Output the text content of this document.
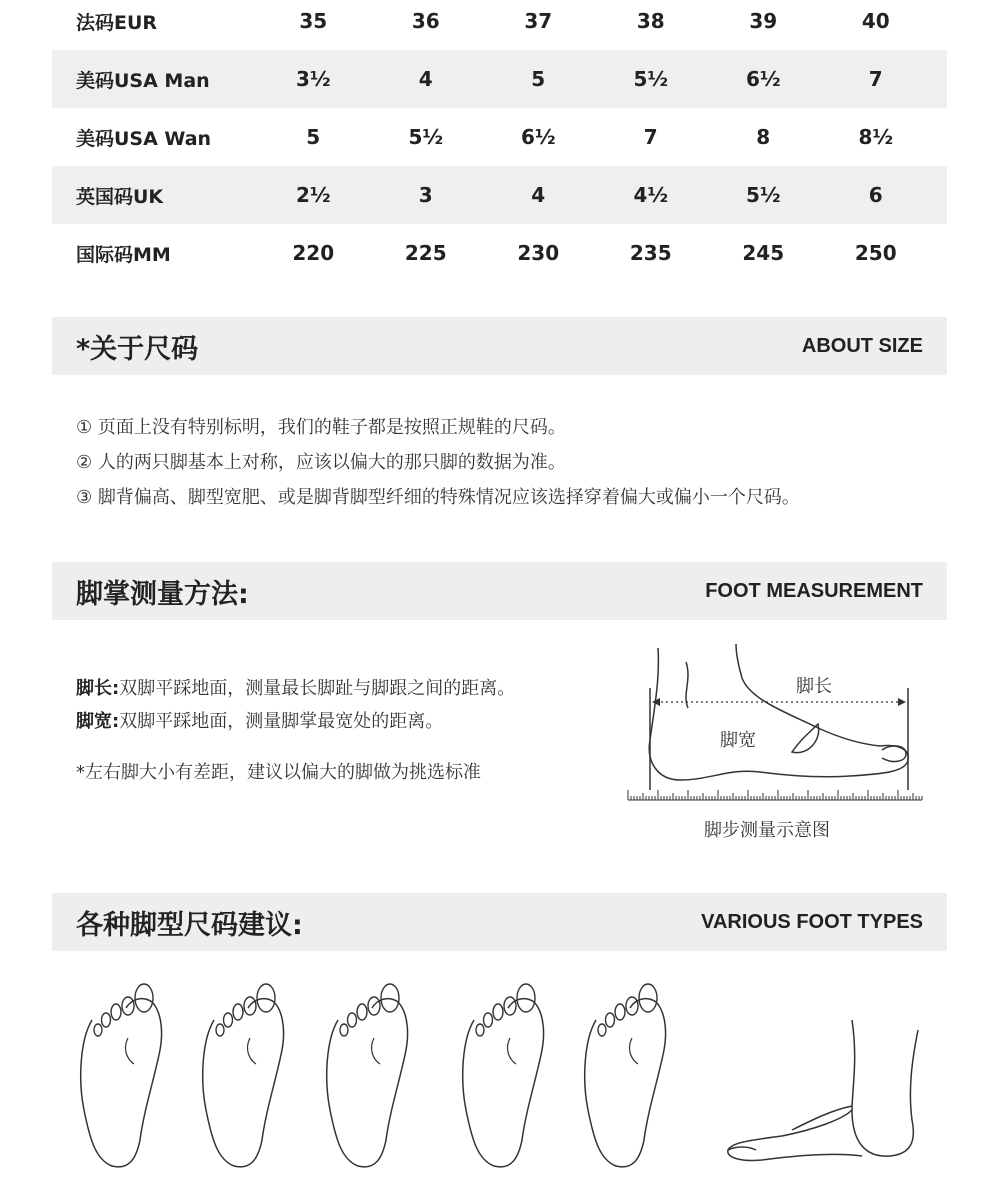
法码EUR	35	36	37	38	39	40
美码USA Man	3½	4	5	5½	6½	7
美码USA Wan	5	5½	6½	7	8	8½
英国码UK	2½	3	4	4½	5½	6
国际码MM	220	225	230	235	245	250
*关于尺码	ABOUT SIZE
① 页面上没有特别标明，我们的鞋子都是按照正规鞋的尺码。
② 人的两只脚基本上对称，应该以偏大的那只脚的数据为准。
③ 脚背偏高、脚型宽肥、或是脚背脚型纤细的特殊情况应该选择穿着偏大或偏小一个尺码。
脚掌测量方法:	FOOT MEASUREMENT
脚长:双脚平踩地面，测量最长脚趾与脚跟之间的距离。
脚宽:双脚平踩地面，测量脚掌最宽处的距离。
*左右脚大小有差距，建议以偏大的脚做为挑选标准
脚长
脚宽
脚步测量示意图
各种脚型尺码建议:	VARIOUS FOOT TYPES
